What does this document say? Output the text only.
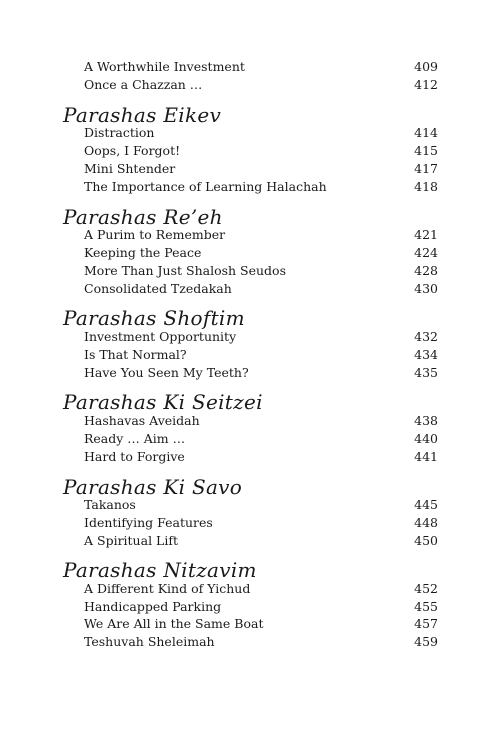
A Worthwhile Investment	409
Once a Chazzan …	412
Parashas Eikev
Distraction	414
Oops, I Forgot!	415
Mini Shtender	417
The Importance of Learning Halachah	418
Parashas Re’eh
A Purim to Remember	421
Keeping the Peace	424
More Than Just Shalosh Seudos	428
Consolidated Tzedakah	430
Parashas Shoftim
Investment Opportunity	432
Is That Normal?	434
Have You Seen My Teeth?	435
Parashas Ki Seitzei
Hashavas Aveidah	438
Ready … Aim …	440
Hard to Forgive	441
Parashas Ki Savo
Takanos	445
Identifying Features	448
A Spiritual Lift	450
Parashas Nitzavim
A Different Kind of Yichud	452
Handicapped Parking	455
We Are All in the Same Boat	457
Teshuvah Sheleimah	459
